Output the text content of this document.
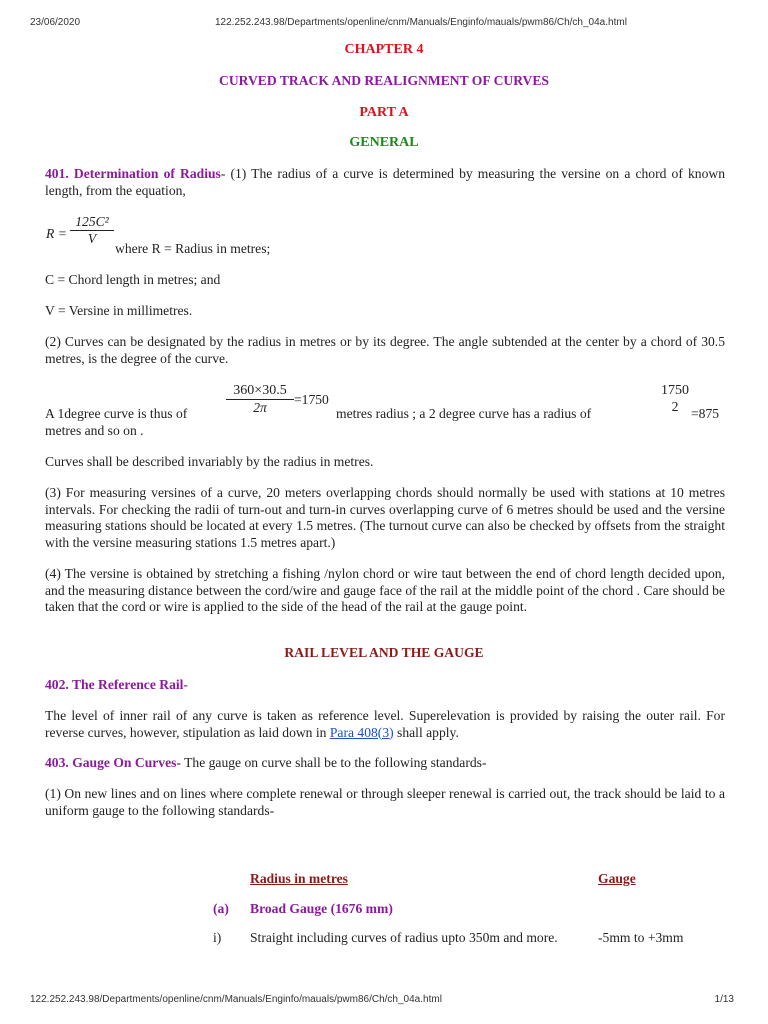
23/06/2020	122.252.243.98/Departments/openline/cnm/Manuals/Enginfo/mauals/pwm86/Ch/ch_04a.html
CHAPTER 4
CURVED TRACK AND REALIGNMENT OF CURVES
PART A
GENERAL
401. Determination of Radius- (1) The radius of a curve is determined by measuring the versine on a chord of known length, from the equation,
$R = \frac{\text{125C²}}{V}$
where R = Radius in metres;
C = Chord length in metres; and
V = Versine in millimetres.
(2) Curves can be designated by the radius in metres or by its degree. The angle subtended at the center by a chord of 30.5 metres, is the degree of the curve.
A 1degree curve is thus of	$\frac{360\times 30.5}{2\pi} =1750$
metres radius ; a 2 degree curve has a radius of
1750
2 =875
metres and so on .
Curves shall be described invariably by the radius in metres.
(3) For measuring versines of a curve, 20 meters overlapping chords should normally be used with stations at 10 metres intervals. For checking the radii of turn-out and turn-in curves overlapping curve of 6 metres should be used and the versine measuring stations should be located at every 1.5 metres. (The turnout curve can also be checked by offsets from the straight with the versine measuring stations 1.5 metres apart.)
(4) The versine is obtained by stretching a fishing /nylon chord or wire taut between the end of chord length decided upon, and the measuring distance between the cord/wire and gauge face of the rail at the middle point of the chord . Care should be taken that the cord or wire is applied to the side of the head of the rail at the gauge point.
RAIL LEVEL AND THE GAUGE
402. The Reference Rail-
The level of inner rail of any curve is taken as reference level. Superelevation is provided by raising the outer rail. For reverse curves, however, stipulation as laid down in Para 408(3) shall apply.
403. Gauge On Curves- The gauge on curve shall be to the following standards-
(1) On new lines and on lines where complete renewal or through sleeper renewal is carried out, the track should be laid to a uniform gauge to the following standards-
Radius in metres	Gauge
(a) Broad Gauge (1676 mm)
i) Straight including curves of radius upto 350m and more.	-5mm to +3mm
122.252.243.98/Departments/openline/cnm/Manuals/Enginfo/mauals/pwm86/Ch/ch_04a.html	1/13
